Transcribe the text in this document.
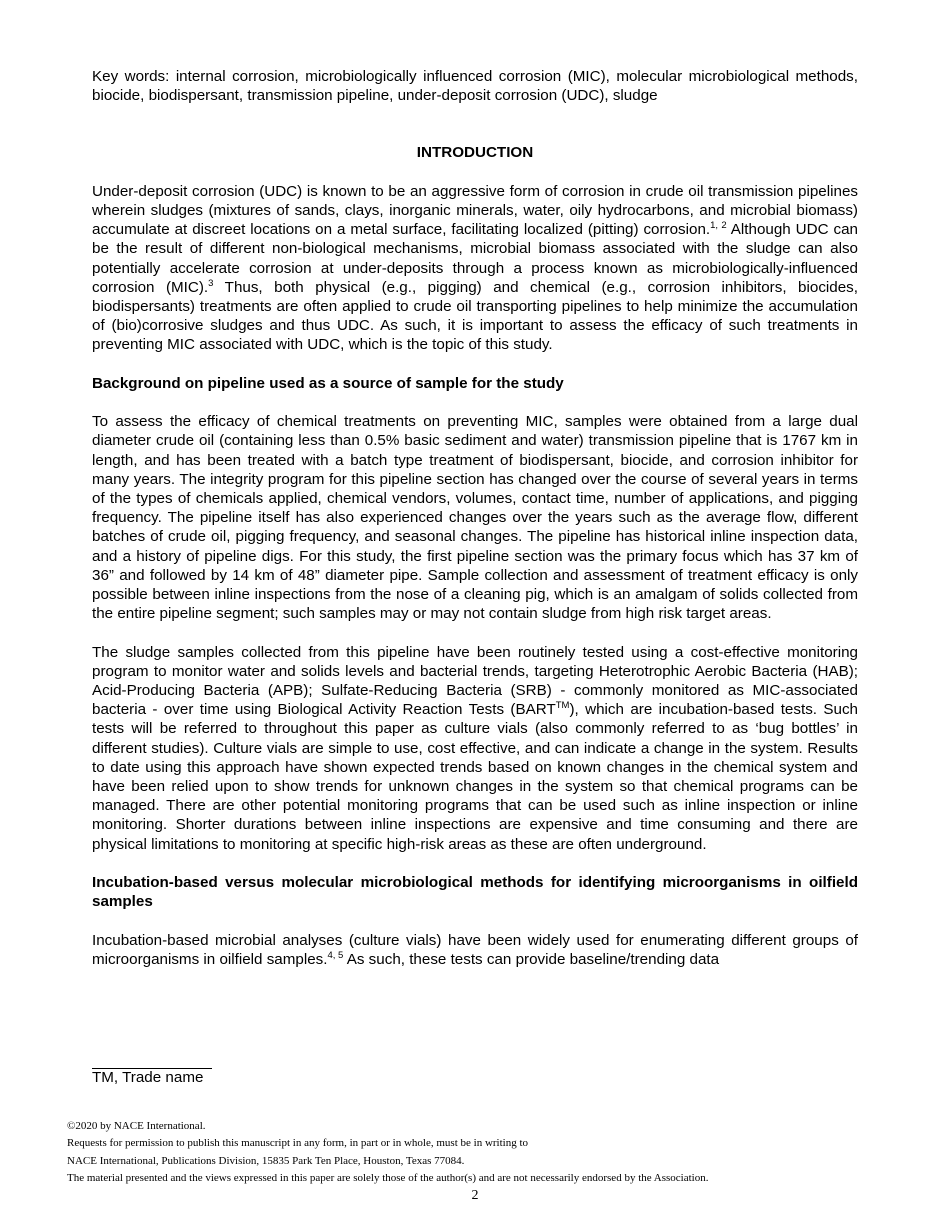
Key words: internal corrosion, microbiologically influenced corrosion (MIC), molecular microbiological methods, biocide, biodispersant, transmission pipeline, under-deposit corrosion (UDC), sludge

INTRODUCTION

Under-deposit corrosion (UDC) is known to be an aggressive form of corrosion in crude oil transmission pipelines wherein sludges (mixtures of sands, clays, inorganic minerals, water, oily hydrocarbons, and microbial biomass) accumulate at discreet locations on a metal surface, facilitating localized (pitting) corrosion.$^{1, 2}$ Although UDC can be the result of different non-biological mechanisms, microbial biomass associated with the sludge can also potentially accelerate corrosion at under-deposits through a process known as microbiologically-influenced corrosion (MIC).$^3$ Thus, both physical (e.g., pigging) and chemical (e.g., corrosion inhibitors, biocides, biodispersants) treatments are often applied to crude oil transporting pipelines to help minimize the accumulation of (bio)corrosive sludges and thus UDC. As such, it is important to assess the efficacy of such treatments in preventing MIC associated with UDC, which is the topic of this study.

Background on pipeline used as a source of sample for the study

To assess the efficacy of chemical treatments on preventing MIC, samples were obtained from a large dual diameter crude oil (containing less than 0.5% basic sediment and water) transmission pipeline that is 1767 km in length, and has been treated with a batch type treatment of biodispersant, biocide, and corrosion inhibitor for many years. The integrity program for this pipeline section has changed over the course of several years in terms of the types of chemicals applied, chemical vendors, volumes, contact time, number of applications, and pigging frequency. The pipeline itself has also experienced changes over the years such as the average flow, different batches of crude oil, pigging frequency, and seasonal changes. The pipeline has historical inline inspection data, and a history of pipeline digs. For this study, the first pipeline section was the primary focus which has 37 km of 36” and followed by 14 km of 48” diameter pipe. Sample collection and assessment of treatment efficacy is only possible between inline inspections from the nose of a cleaning pig, which is an amalgam of solids collected from the entire pipeline segment; such samples may or may not contain sludge from high risk target areas.

The sludge samples collected from this pipeline have been routinely tested using a cost-effective monitoring program to monitor water and solids levels and bacterial trends, targeting Heterotrophic Aerobic Bacteria (HAB); Acid-Producing Bacteria (APB); Sulfate-Reducing Bacteria (SRB) - commonly monitored as MIC-associated bacteria - over time using Biological Activity Reaction Tests (BART™), which are incubation-based tests. Such tests will be referred to throughout this paper as culture vials (also commonly referred to as ‘bug bottles’ in different studies). Culture vials are simple to use, cost effective, and can indicate a change in the system. Results to date using this approach have shown expected trends based on known changes in the chemical system and have been relied upon to show trends for unknown changes in the system so that chemical programs can be managed. There are other potential monitoring programs that can be used such as inline inspection or inline monitoring. Shorter durations between inline inspections are expensive and time consuming and there are physical limitations to monitoring at specific high-risk areas as these are often underground.

Incubation-based versus molecular microbiological methods for identifying microorganisms in oilfield samples

Incubation-based microbial analyses (culture vials) have been widely used for enumerating different groups of microorganisms in oilfield samples.$^{4, 5}$ As such, these tests can provide baseline/trending data

TM, Trade name
©2020 by NACE International.
Requests for permission to publish this manuscript in any form, in part or in whole, must be in writing to
NACE International, Publications Division, 15835 Park Ten Place, Houston, Texas 77084.
The material presented and the views expressed in this paper are solely those of the author(s) and are not necessarily endorsed by the Association.
2
